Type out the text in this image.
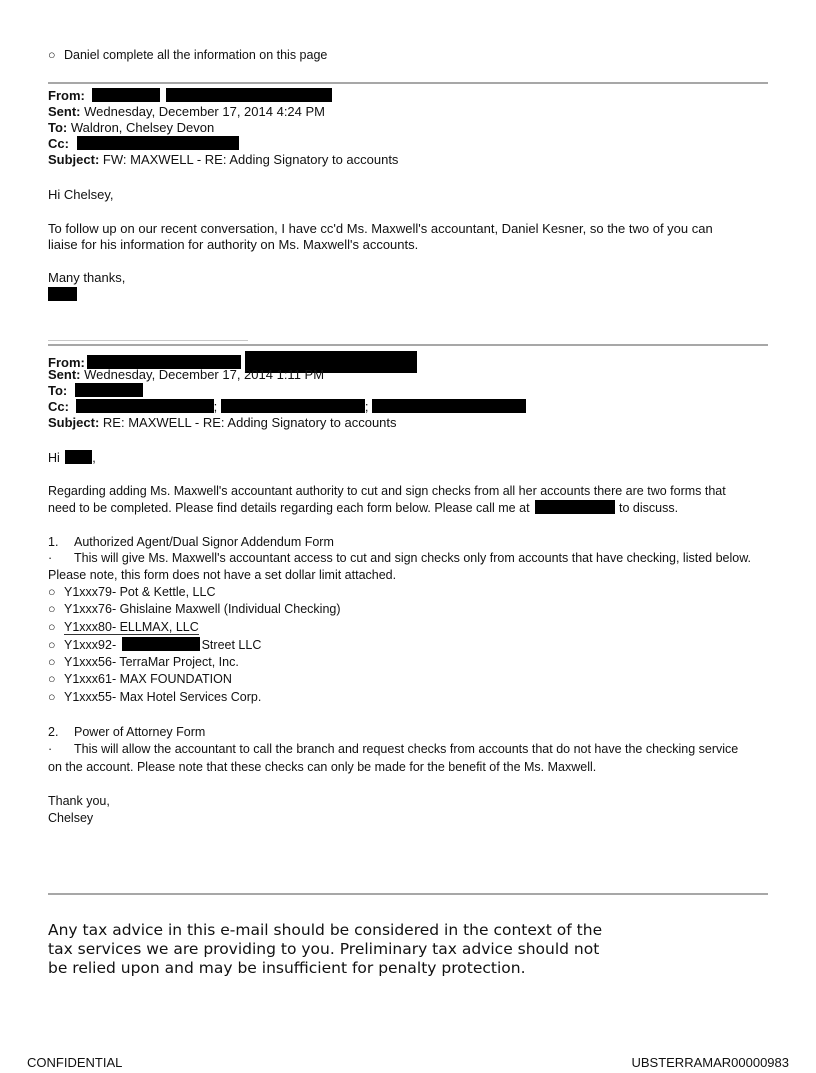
○ Daniel complete all the information on this page
From:
Sent: Wednesday, December 17, 2014 4:24 PM
To: Waldron, Chelsey Devon
Cc:
Subject: FW: MAXWELL - RE: Adding Signatory to accounts
Hi Chelsey,
To follow up on our recent conversation, I have cc'd Ms. Maxwell's accountant, Daniel Kesner, so the two of you can
liaise for his information for authority on Ms. Maxwell's accounts.
Many thanks,
From:
Sent: Wednesday, December 17, 2014 1:11 PM
To:
Cc:	;	;
Subject: RE: MAXWELL - RE: Adding Signatory to accounts
Hi	,
Regarding adding Ms. Maxwell's accountant authority to cut and sign checks from all her accounts there are two forms that
need to be completed. Please find details regarding each form below. Please call me at	to discuss.
1. Authorized Agent/Dual Signor Addendum Form
· This will give Ms. Maxwell's accountant access to cut and sign checks only from accounts that have checking, listed below.
Please note, this form does not have a set dollar limit attached.
○ Y1xxx79- Pot & Kettle, LLC
○ Y1xxx76- Ghislaine Maxwell (Individual Checking)
○ Y1xxx80- ELLMAX, LLC
○ Y1xxx92-	Street LLC
○ Y1xxx56- TerraMar Project, Inc.
○ Y1xxx61- MAX FOUNDATION
○ Y1xxx55- Max Hotel Services Corp.
2. Power of Attorney Form
· This will allow the accountant to call the branch and request checks from accounts that do not have the checking service
on the account. Please note that these checks can only be made for the benefit of the Ms. Maxwell.
Thank you,
Chelsey
Any tax advice in this e-mail should be considered in the context of the
tax services we are providing to you. Preliminary tax advice should not
be relied upon and may be insufficient for penalty protection.
CONFIDENTIAL	UBSTERRAMAR00000983
